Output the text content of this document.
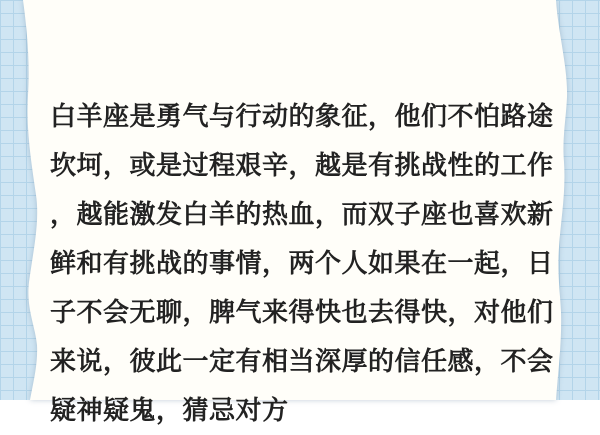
白羊座是勇气与行动的象征，他们不怕路途
坎坷，或是过程艰辛，越是有挑战性的工作
，越能激发白羊的热血，而双子座也喜欢新
鲜和有挑战的事情，两个人如果在一起，日
子不会无聊，脾气来得快也去得快，对他们
来说，彼此一定有相当深厚的信任感，不会
疑神疑鬼，猜忌对方
